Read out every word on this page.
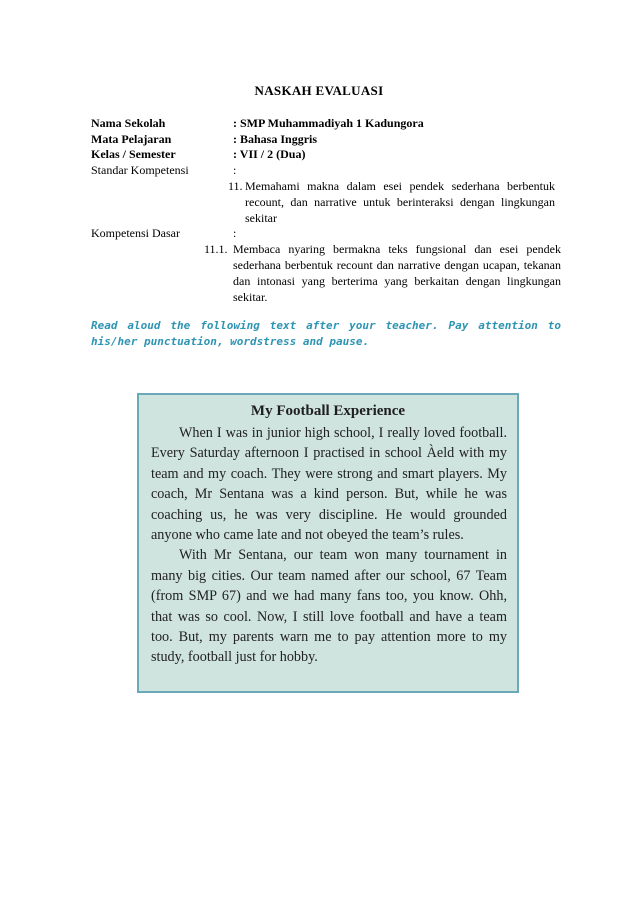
NASKAH EVALUASI
Nama Sekolah	: SMP Muhammadiyah 1 Kadungora
Mata Pelajaran	: Bahasa Inggris
Kelas / Semester	: VII / 2 (Dua)
Standar Kompetensi	:
11. Memahami makna dalam esei pendek sederhana berbentuk recount, dan narrative untuk berinteraksi dengan lingkungan sekitar
Kompetensi Dasar	:
11.1. Membaca nyaring bermakna teks fungsional dan esei pendek sederhana berbentuk recount dan narrative dengan ucapan, tekanan dan intonasi yang berterima yang berkaitan dengan lingkungan sekitar.
Read aloud the following text after your teacher. Pay attention to his/her punctuation, wordstress and pause.
My Football Experience

When I was in junior high school, I really loved football. Every Saturday afternoon I practised in school Àeld with my team and my coach. They were strong and smart players. My coach, Mr Sentana was a kind person. But, while he was coaching us, he was very discipline. He would grounded anyone who came late and not obeyed the team’s rules.

With Mr Sentana, our team won many tournament in many big cities. Our team named after our school, 67 Team (from SMP 67) and we had many fans too, you know. Ohh, that was so cool. Now, I still love football and have a team too. But, my parents warn me to pay attention more to my study, football just for hobby.
